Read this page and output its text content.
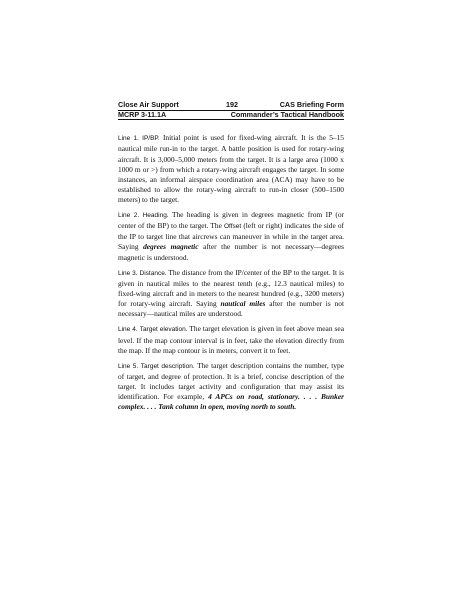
Close Air Support	192	CAS Briefing Form
MCRP 3-11.1A	Commander’s Tactical Handbook

Line 1. IP/BP. Initial point is used for fixed-wing aircraft. It is the 5–15 nautical mile run-in to the target. A battle position is used for rotary-wing aircraft. It is 3,000–5,000 meters from the target. It is a large area (1000 x 1000 m or >) from which a rotary-wing aircraft engages the target. In some instances, an informal airspace coordination area (ACA) may have to be established to allow the rotary-wing aircraft to run-in closer (500–1500 meters) to the target.

Line 2. Heading. The heading is given in degrees magnetic from IP (or center of the BP) to the target. The Offset (left or right) indicates the side of the IP to target line that aircrews can maneuver in while in the target area. Saying degrees magnetic after the number is not necessary—degrees magnetic is understood.

Line 3. Distance. The distance from the IP/center of the BP to the target. It is given in nautical miles to the nearest tenth (e.g., 12.3 nautical miles) to fixed-wing aircraft and in meters to the nearest hundred (e.g., 3200 meters) for rotary-wing aircraft. Saying nautical miles after the number is not necessary—nautical miles are understood.

Line 4. Target elevation. The target elevation is given in feet above mean sea level. If the map contour interval is in feet, take the elevation directly from the map. If the map contour is in meters, convert it to feet.

Line 5. Target description. The target description contains the number, type of target, and degree of protection. It is a brief, concise description of the target. It includes target activity and configuration that may assist its identification. For example, 4 APCs on road, stationary. . . . Bunker complex. . . . Tank column in open, moving north to south.
